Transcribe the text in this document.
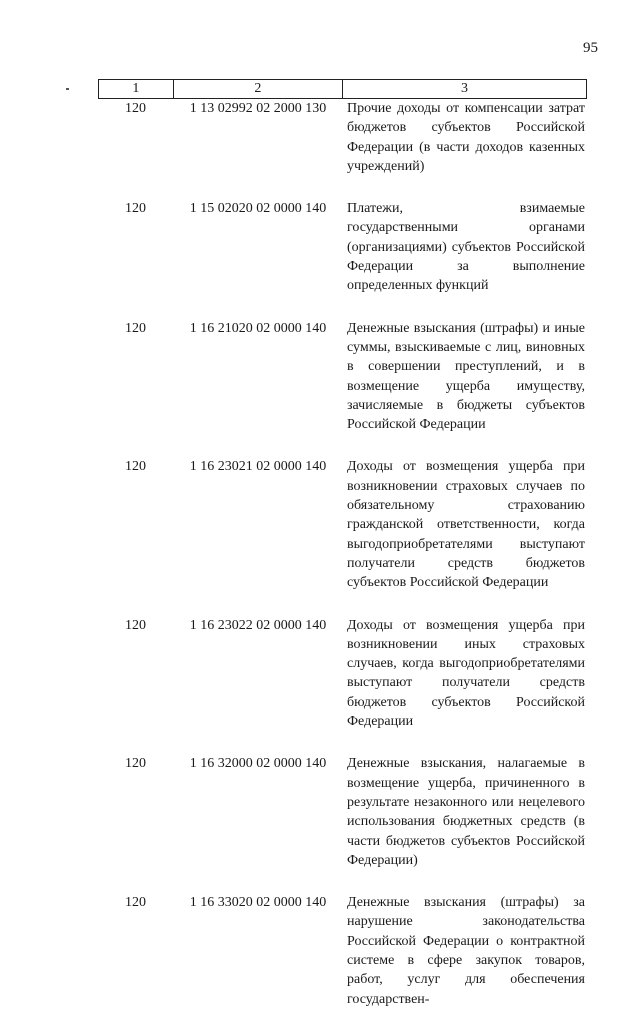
95
1	2	3
120	1 13 02992 02 2000 130	Прочие доходы от компенсации затрат бюджетов субъектов Российской Федерации (в части доходов казенных учреждений)
120	1 15 02020 02 0000 140	Платежи, взимаемые государственными органами (организациями) субъектов Российской Федерации за выполнение определенных функций
120	1 16 21020 02 0000 140	Денежные взыскания (штрафы) и иные суммы, взыскиваемые с лиц, виновных в совершении преступлений, и в возмещение ущерба имуществу, зачисляемые в бюджеты субъектов Российской Федерации
120	1 16 23021 02 0000 140	Доходы от возмещения ущерба при возникновении страховых случаев по обязательному страхованию гражданской ответственности, когда выгодоприобретателями выступают получатели средств бюджетов субъектов Российской Федерации
120	1 16 23022 02 0000 140	Доходы от возмещения ущерба при возникновении иных страховых случаев, когда выгодоприобретателями выступают получатели средств бюджетов субъектов Российской Федерации
120	1 16 32000 02 0000 140	Денежные взыскания, налагаемые в возмещение ущерба, причиненного в результате незаконного или нецелевого использования бюджетных средств (в части бюджетов субъектов Российской Федерации)
120	1 16 33020 02 0000 140	Денежные взыскания (штрафы) за нарушение законодательства Российской Федерации о контрактной системе в сфере закупок товаров, работ, услуг для обеспечения государствен-
